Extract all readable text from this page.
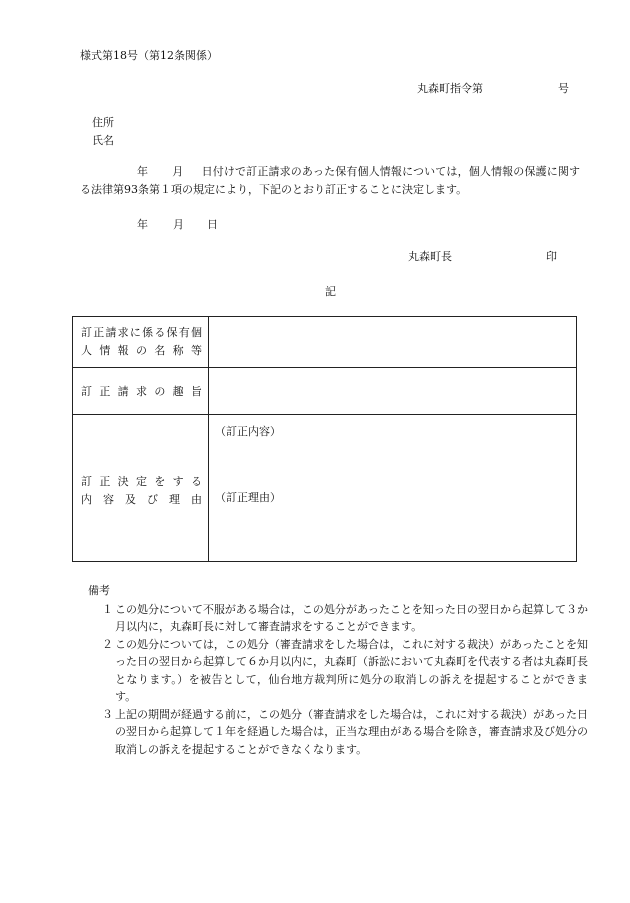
様式第18号（第12条関係）
丸森町指令第	号
住所
氏名
年 月 日付けで訂正請求のあった保有個人情報については，個人情報の保護に関する法律第93条第１項の規定により，下記のとおり訂正することに決定します。
年 月 日
丸森町長	印
記
訂正請求に係る保有個
人情報の名称等
訂正請求の趣旨
訂正決定をする
内容及び理由
（訂正内容）
（訂正理由）
備考
１ この処分について不服がある場合は，この処分があったことを知った日の翌日から起算して３か月以内に，丸森町長に対して審査請求をすることができます。
２ この処分については，この処分（審査請求をした場合は，これに対する裁決）があったことを知った日の翌日から起算して６か月以内に，丸森町（訴訟において丸森町を代表する者は丸森町長となります。）を被告として，仙台地方裁判所に処分の取消しの訴えを提起することができます。
３ 上記の期間が経過する前に，この処分（審査請求をした場合は，これに対する裁決）があった日の翌日から起算して１年を経過した場合は，正当な理由がある場合を除き，審査請求及び処分の取消しの訴えを提起することができなくなります。
